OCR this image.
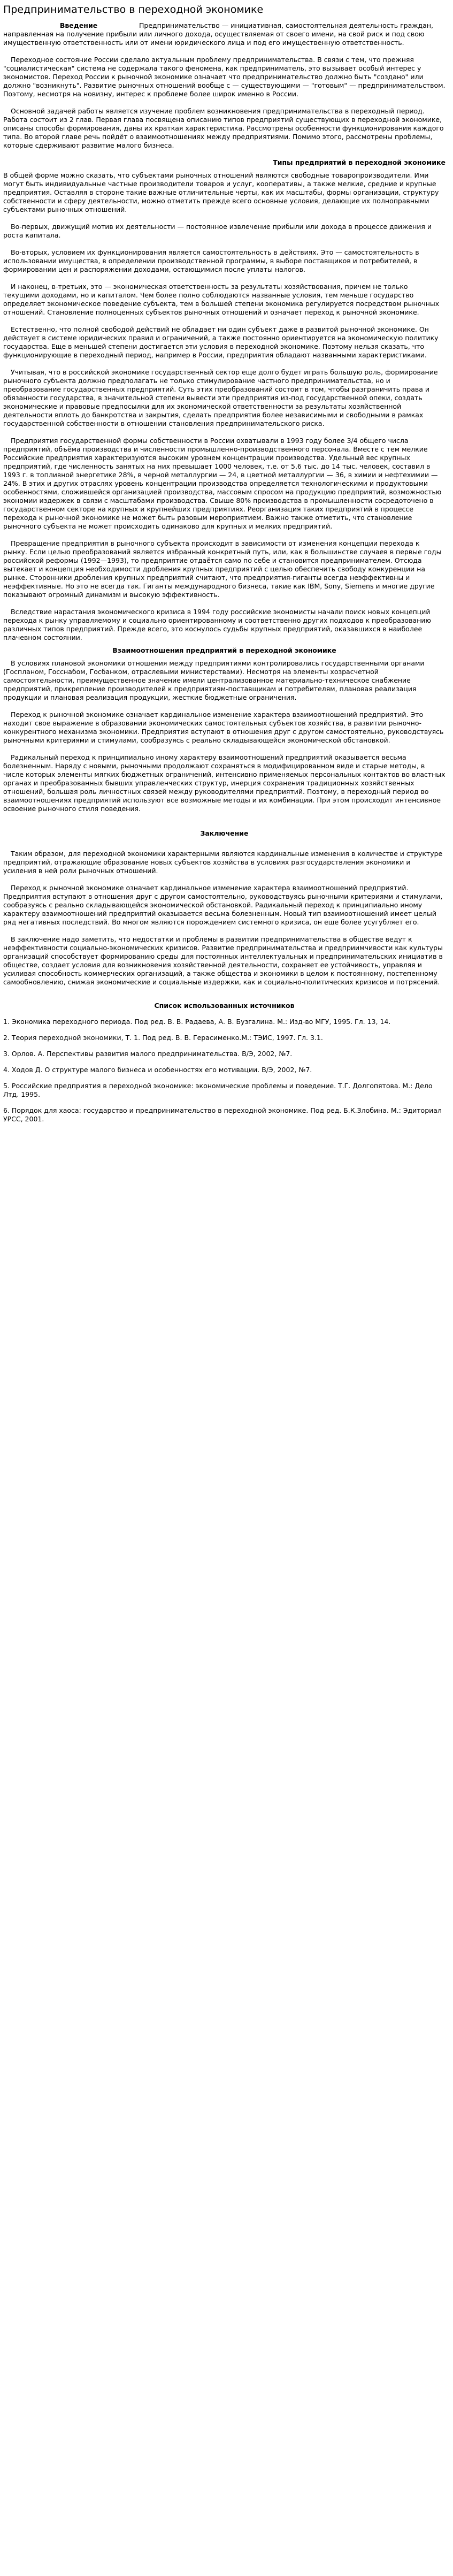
Предпринимательство в переходной экономике

Введение	Предпринимательство — инициативная, самостоятельная деятельность граждан, направленная на получение прибыли или личного дохода, осуществляемая от своего имени, на свой риск и под свою имущественную ответственность или от имени юридического лица и под его имущественную ответственность.

Переходное состояние России сделало актуальным проблему предпринимательства. В связи с тем, что прежняя "социалистическая" система не содержала такого феномена, как предприниматель, это вызывает особый интерес у экономистов. Переход России к рыночной экономике означает что предпринимательство должно быть "создано" или должно "возникнуть". Развитие рыночных отношений вообще с — существующими — "готовым" — предпринимательством. Поэтому, несмотря на новизну, интерес к проблеме более широк именно в России.

Основной задачей работы является изучение проблем возникновения предпринимательства в переходный период. Работа состоит из 2 глав. Первая глава посвящена описанию типов предприятий существующих в переходной экономике, описаны способы формирования, даны их краткая характеристика. Рассмотрены особенности функционирования каждого типа. Во второй главе речь пойдёт о взаимоотношениях между предприятиями. Помимо этого, рассмотрены проблемы, которые сдерживают развитие малого бизнеса.

Типы предприятий в переходной экономике

В общей форме можно сказать, что субъектами рыночных отношений являются свободные товаропроизводители. Ими могут быть индивидуальные частные производители товаров и услуг, кооперативы, а также мелкие, средние и крупные предприятия. Оставляя в стороне такие важные отличительные черты, как их масштабы, формы организации, структуру собственности и сферу деятельности, можно отметить прежде всего основные условия, делающие их полноправными субъектами рыночных отношений.

Во-первых, движущий мотив их деятельности — постоянное извлечение прибыли или дохода в процессе движения и роста капитала.

Во-вторых, условием их функционирования является самостоятельность в действиях. Это — самостоятельность в использовании имущества, в определении производственной программы, в выборе поставщиков и потребителей, в формировании цен и распоряжении доходами, остающимися после уплаты налогов.

И наконец, в-третьих, это — экономическая ответственность за результаты хозяйствования, причем не только текущими доходами, но и капиталом. Чем более полно соблюдаются названные условия, тем меньше государство определяет экономическое поведение субъекта, тем в большей степени экономика регулируется посредством рыночных отношений. Становление полноценных субъектов рыночных отношений и означает переход к рыночной экономике.

Естественно, что полной свободой действий не обладает ни один субъект даже в развитой рыночной экономике. Он действует в системе юридических правил и ограничений, а также постоянно ориентируется на экономическую политику государства. Еще в меньшей степени достигается эти условия в переходной экономике. Поэтому нельзя сказать, что функционирующие в переходный период, например в России, предприятия обладают названными характеристиками.

Учитывая, что в российской экономике государственный сектор еще долго будет играть большую роль, формирование рыночного субъекта должно предполагать не только стимулирование частного предпринимательства, но и преобразование государственных предприятий. Суть этих преобразований состоит в том, чтобы разграничить права и обязанности государства, в значительной степени вывести эти предприятия из-под государственной опеки, создать экономические и правовые предпосылки для их экономической ответственности за результаты хозяйственной деятельности вплоть до банкротства и закрытия, сделать предприятия более независимыми и свободными в рамках государственной собственности в отношении становления предпринимательского риска.

Предприятия государственной формы собственности в России охватывали в 1993 году более 3/4 общего числа предприятий, объёма производства и численности промышленно-производственного персонала. Вместе с тем мелкие Российские предприятия характеризуются высоким уровнем концентрации производства. Удельный вес крупных предприятий, где численность занятых на них превышает 1000 человек, т.е. от 5,6 тыс. до 14 тыс. человек, составил в 1993 г. в топливной энергетике 28%, в черной металлургии — 24, в цветной металлургии — 36, в химии и нефтехимии — 24%. В этих и других отраслях уровень концентрации производства определяется технологическими и продуктовыми особенностями, сложившейся организацией производства, массовым спросом на продукцию предприятий, возможностью экономии издержек в связи с масштабами производства. Свыше 80% производства в промышленности сосредоточено в государственном секторе на крупных и крупнейших предприятиях. Реорганизация таких предприятий в процессе перехода к рыночной экономике не может быть разовым мероприятием. Важно также отметить, что становление рыночного субъекта не может происходить одинаково для крупных и мелких предприятий.

Превращение предприятия в рыночного субъекта происходит в зависимости от изменения концепции перехода к рынку. Если целью преобразований является избранный конкретный путь, или, как в большинстве случаев в первые годы российской реформы (1992—1993), то предприятие отдаётся само по себе и становится предпринимателем. Отсюда вытекает и концепция необходимости дробления крупных предприятий с целью обеспечить свободу конкуренции на рынке. Сторонники дробления крупных предприятий считают, что предприятия-гиганты всегда неэффективны и неэффективные. Но это не всегда так. Гиганты международного бизнеса, такие как IBM, Sony, Siemens и многие другие показывают огромный динамизм и высокую эффективность.

Вследствие нарастания экономического кризиса в 1994 году российские экономисты начали поиск новых концепций перехода к рынку управляемому и социально ориентированному и соответственно других подходов к преобразованию различных типов предприятий. Прежде всего, это коснулось судьбы крупных предприятий, оказавшихся в наиболее плачевном состоянии.

Взаимоотношения предприятий в переходной экономике

В условиях плановой экономики отношения между предприятиями контролировались государственными органами (Госпланом, Госснабом, Госбанком, отраслевыми министерствами). Несмотря на элементы хозрасчетной самостоятельности, преимущественное значение имели централизованное материально-техническое снабжение предприятий, прикрепление производителей к предприятиям-поставщикам и потребителям, плановая реализация продукции и плановая реализация продукции, жесткие бюджетные ограничения.

Переход к рыночной экономике означает кардинальное изменение характера взаимоотношений предприятий. Это находит свое выражение в образовании экономических самостоятельных субъектов хозяйства, в развитии рыночно-конкурентного механизма экономики. Предприятия вступают в отношения друг с другом самостоятельно, руководствуясь рыночными критериями и стимулами, сообразуясь с реально складывающейся экономической обстановкой.

Радикальный переход к принципиально иному характеру взаимоотношений предприятий оказывается весьма болезненным. Наряду с новыми, рыночными продолжают сохраняться в модифицированном виде и старые методы, в числе которых элементы мягких бюджетных ограничений, интенсивно применяемых персональных контактов во властных органах и преобразованных бывших управленческих структур, инерция сохранения традиционных хозяйственных отношений, большая роль личностных связей между руководителями предприятий. Поэтому, в переходный период во взаимоотношениях предприятий используют все возможные методы и их комбинации. При этом происходит интенсивное освоение рыночного стиля поведения.

Заключение

Таким образом, для переходной экономики характерными являются кардинальные изменения в количестве и структуре предприятий, отражающие образование новых субъектов хозяйства в условиях разгосударствления экономики и усиления в ней роли рыночных отношений.

Переход к рыночной экономике означает кардинальное изменение характера взаимоотношений предприятий. Предприятия вступают в отношения друг с другом самостоятельно, руководствуясь рыночными критериями и стимулами, сообразуясь с реально складывающейся экономической обстановкой. Радикальный переход к принципиально иному характеру взаимоотношений предприятий оказывается весьма болезненным. Новый тип взаимоотношений имеет целый ряд негативных последствий. Во многом являются порождением системного кризиса, он еще более усугубляет его.

В заключение надо заметить, что недостатки и проблемы в развитии предпринимательства в обществе ведут к неэффективности социально-экономических кризисов. Развитие предпринимательства и предприимчивости как культуры организаций способствует формированию среды для постоянных интеллектуальных и предпринимательских инициатив в обществе, создает условия для возникновения хозяйственной деятельности, сохраняет ее устойчивость, управляя и усиливая способность коммерческих организаций, а также общества и экономики в целом к постоянному, постепенному самообновлению, снижая экономические и социальные издержки, как и социально-политических кризисов и потрясений.

Список использованных источников

1. Экономика переходного периода. Под ред. В. В. Радаева, А. В. Бузгалина. М.: Изд-во МГУ, 1995. Гл. 13, 14.

2. Теория переходной экономики, Т. 1. Под ред. В. В. Герасименко.М.: ТЭИС, 1997. Гл. 3.1.

3. Орлов. А. Перспективы развития малого предпринимательства. В/Э, 2002, №7.

4. Ходов Д. О структуре малого бизнеса и особенностях его мотивации. В/Э, 2002, №7.

5. Российские предприятия в переходной экономике: экономические проблемы и поведение. Т.Г. Долгопятова. М.: Дело Лтд. 1995.

6. Порядок для хаоса: государство и предпринимательство в переходной экономике. Под ред. Б.К.Злобина. М.: Эдиториал УРСС, 2001.
